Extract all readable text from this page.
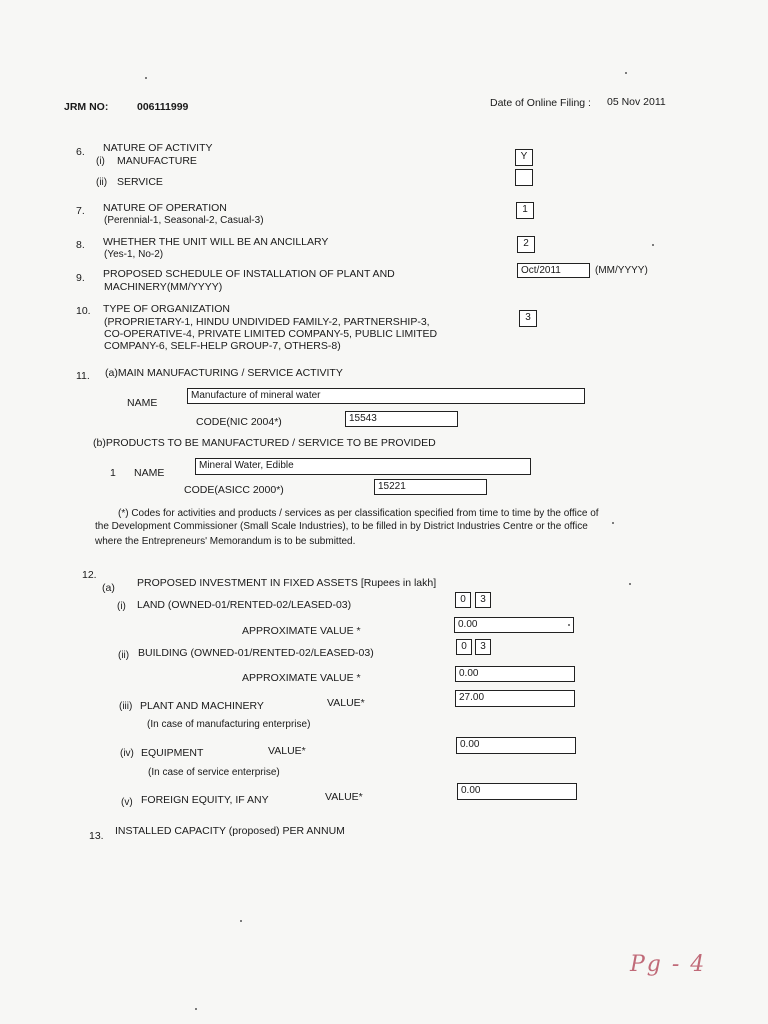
JRM NO:	006111999	Date of Online Filing : 05 Nov 2011
6. NATURE OF ACTIVITY
(i) MANUFACTURE	Y
(ii) SERVICE
7. NATURE OF OPERATION
(Perennial-1, Seasonal-2, Casual-3)
1
8. WHETHER THE UNIT WILL BE AN ANCILLARY
(Yes-1, No-2)
2
9. PROPOSED SCHEDULE OF INSTALLATION OF PLANT AND
MACHINERY(MM/YYYY)
Oct/2011	(MM/YYYY)
10. TYPE OF ORGANIZATION
(PROPRIETARY-1, HINDU UNDIVIDED FAMILY-2, PARTNERSHIP-3,
CO-OPERATIVE-4, PRIVATE LIMITED COMPANY-5, PUBLIC LIMITED
COMPANY-6, SELF-HELP GROUP-7, OTHERS-8)
3
11. (a)MAIN MANUFACTURING / SERVICE ACTIVITY
NAME
Manufacture of mineral water
CODE(NIC 2004*)	15543
(b)PRODUCTS TO BE MANUFACTURED / SERVICE TO BE PROVIDED
1 NAME
Mineral Water, Edible
CODE(ASICC 2000*)	15221
(*) Codes for activities and products / services as per classification specified from time to time by the office of
the Development Commissioner (Small Scale Industries), to be filled in by District Industries Centre or the office
where the Entrepreneurs' Memorandum is to be submitted.
12.
(a) PROPOSED INVESTMENT IN FIXED ASSETS [Rupees in lakh]
(i) LAND (OWNED-01/RENTED-02/LEASED-03)	0	3
APPROXIMATE VALUE *
0.00
(ii) BUILDING (OWNED-01/RENTED-02/LEASED-03)
0	3
APPROXIMATE VALUE *	0.00
(iii) PLANT AND MACHINERY	VALUE*	27.00
(In case of manufacturing enterprise)
(iv) EQUIPMENT	VALUE*
0.00
(In case of service enterprise)
(v) FOREIGN EQUITY, IF ANY	VALUE*
0.00
13. INSTALLED CAPACITY (proposed) PER ANNUM
Pg - 4
